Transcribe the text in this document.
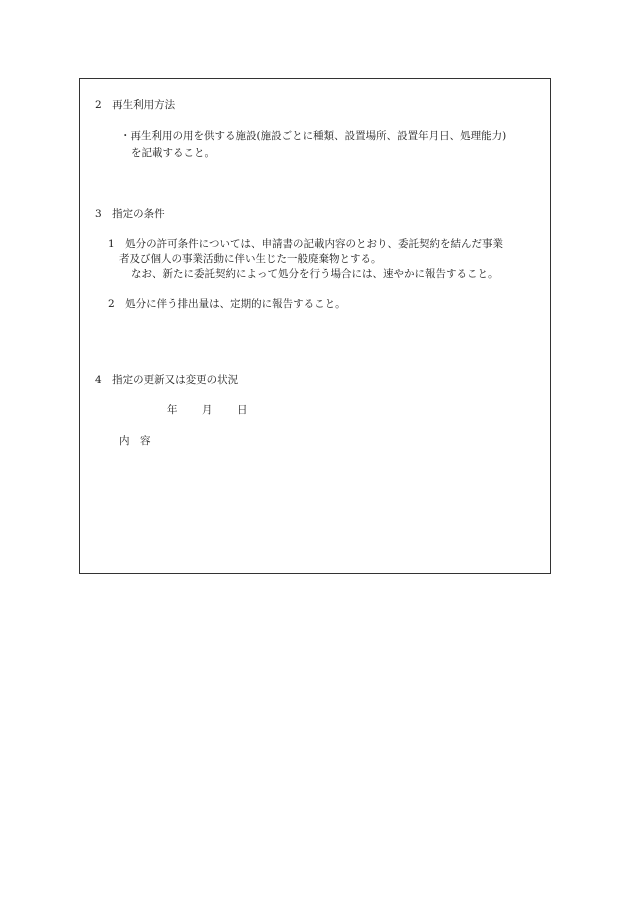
2　再生利用方法

・再生利用の用を供する施設(施設ごとに種類、設置場所、設置年月日、処理能力)

を記載すること。

3　指定の条件

1　処分の許可条件については、申請書の記載内容のとおり、委託契約を結んだ事業

者及び個人の事業活動に伴い生じた一般廃棄物とする。

なお、新たに委託契約によって処分を行う場合には、速やかに報告すること。

2　処分に伴う排出量は、定期的に報告すること。

4　指定の更新又は変更の状況
年 月 日
内　容
